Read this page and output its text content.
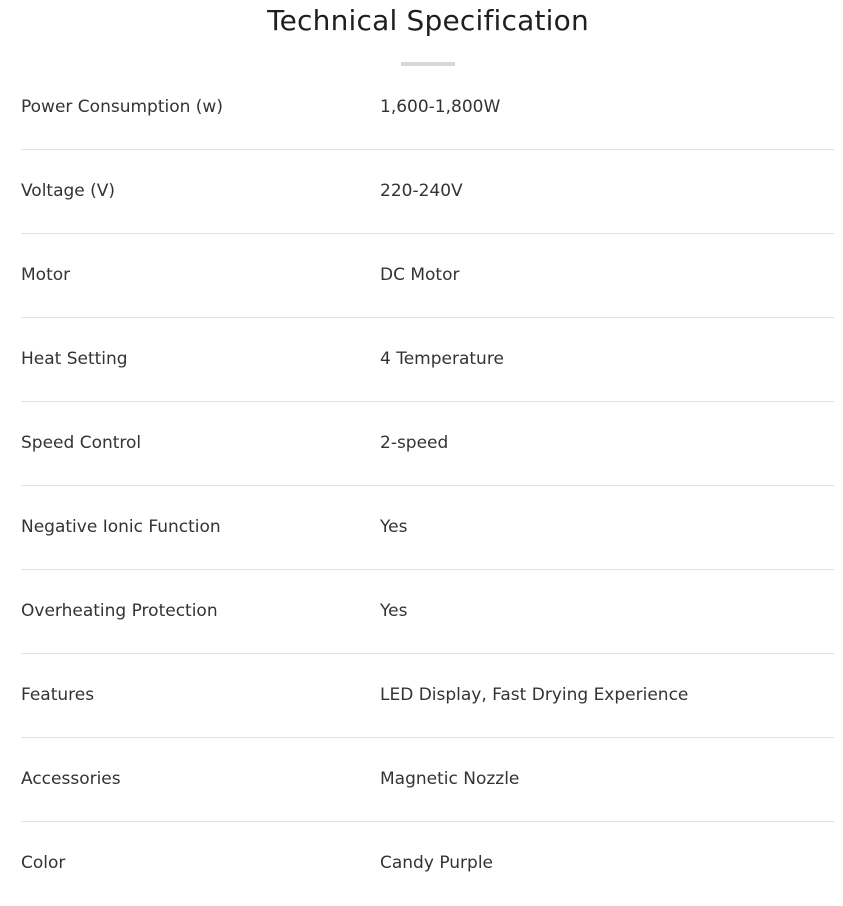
Technical Specification
Power Consumption (w)	1,600-1,800W
Voltage (V)	220-240V
Motor	DC Motor
Heat Setting	4 Temperature
Speed Control	2-speed
Negative Ionic Function	Yes
Overheating Protection	Yes
Features	LED Display, Fast Drying Experience
Accessories	Magnetic Nozzle
Color	Candy Purple
